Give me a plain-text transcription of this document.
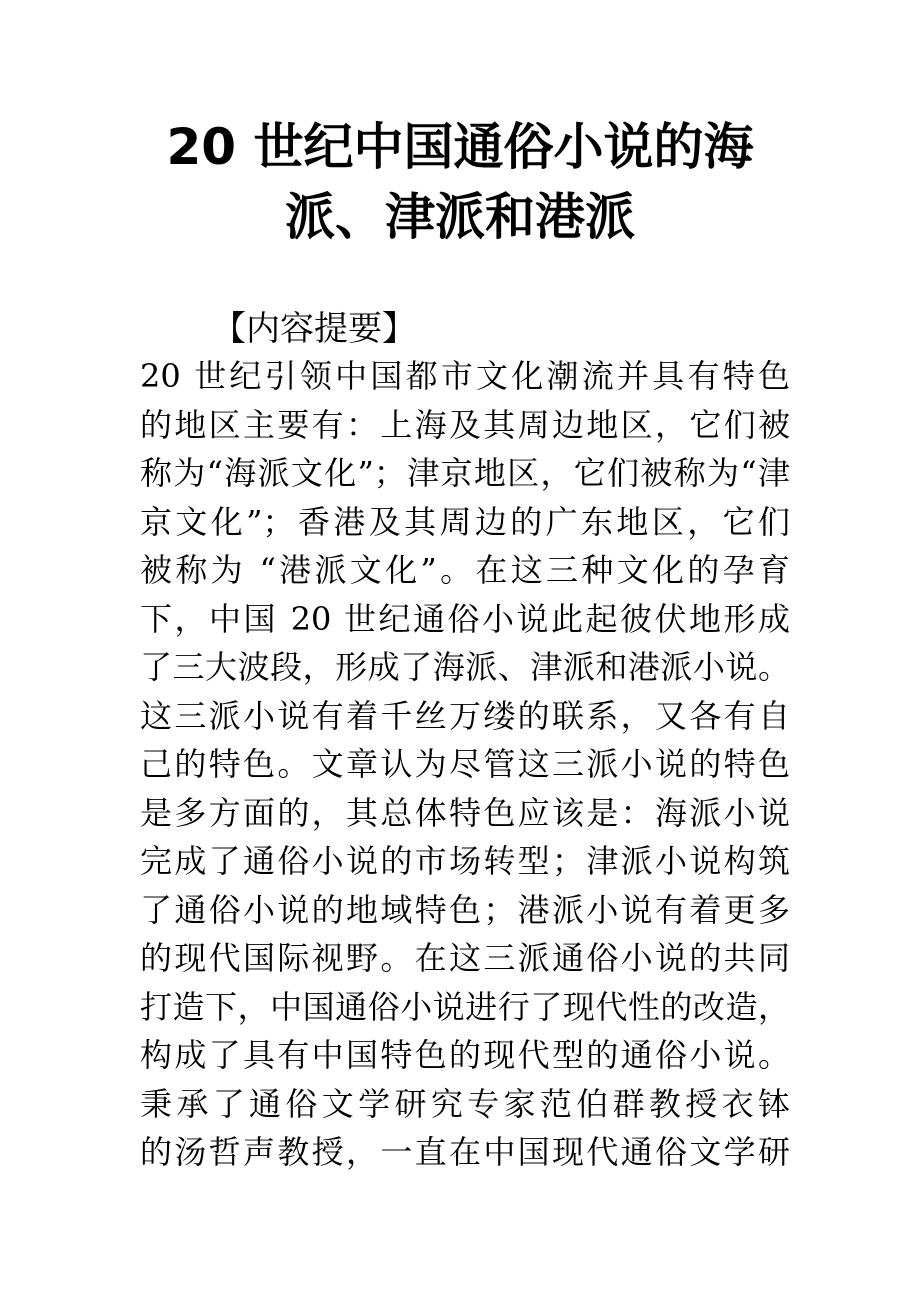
20 世纪中国通俗小说的海
派、津派和港派
【内容提要】
20 世纪引领中国都市文化潮流并具有特色
的地区主要有：上海及其周边地区，它们被
称为“海派文化”；津京地区，它们被称为“津
京文化”；香港及其周边的广东地区，它们
被称为 “港派文化”。在这三种文化的孕育
下，中国 20 世纪通俗小说此起彼伏地形成
了三大波段，形成了海派、津派和港派小说。
这三派小说有着千丝万缕的联系，又各有自
己的特色。文章认为尽管这三派小说的特色
是多方面的，其总体特色应该是：海派小说
完成了通俗小说的市场转型；津派小说构筑
了通俗小说的地域特色；港派小说有着更多
的现代国际视野。在这三派通俗小说的共同
打造下，中国通俗小说进行了现代性的改造，
构成了具有中国特色的现代型的通俗小说。
秉承了通俗文学研究专家范伯群教授衣钵
的汤哲声教授，一直在中国现代通俗文学研
